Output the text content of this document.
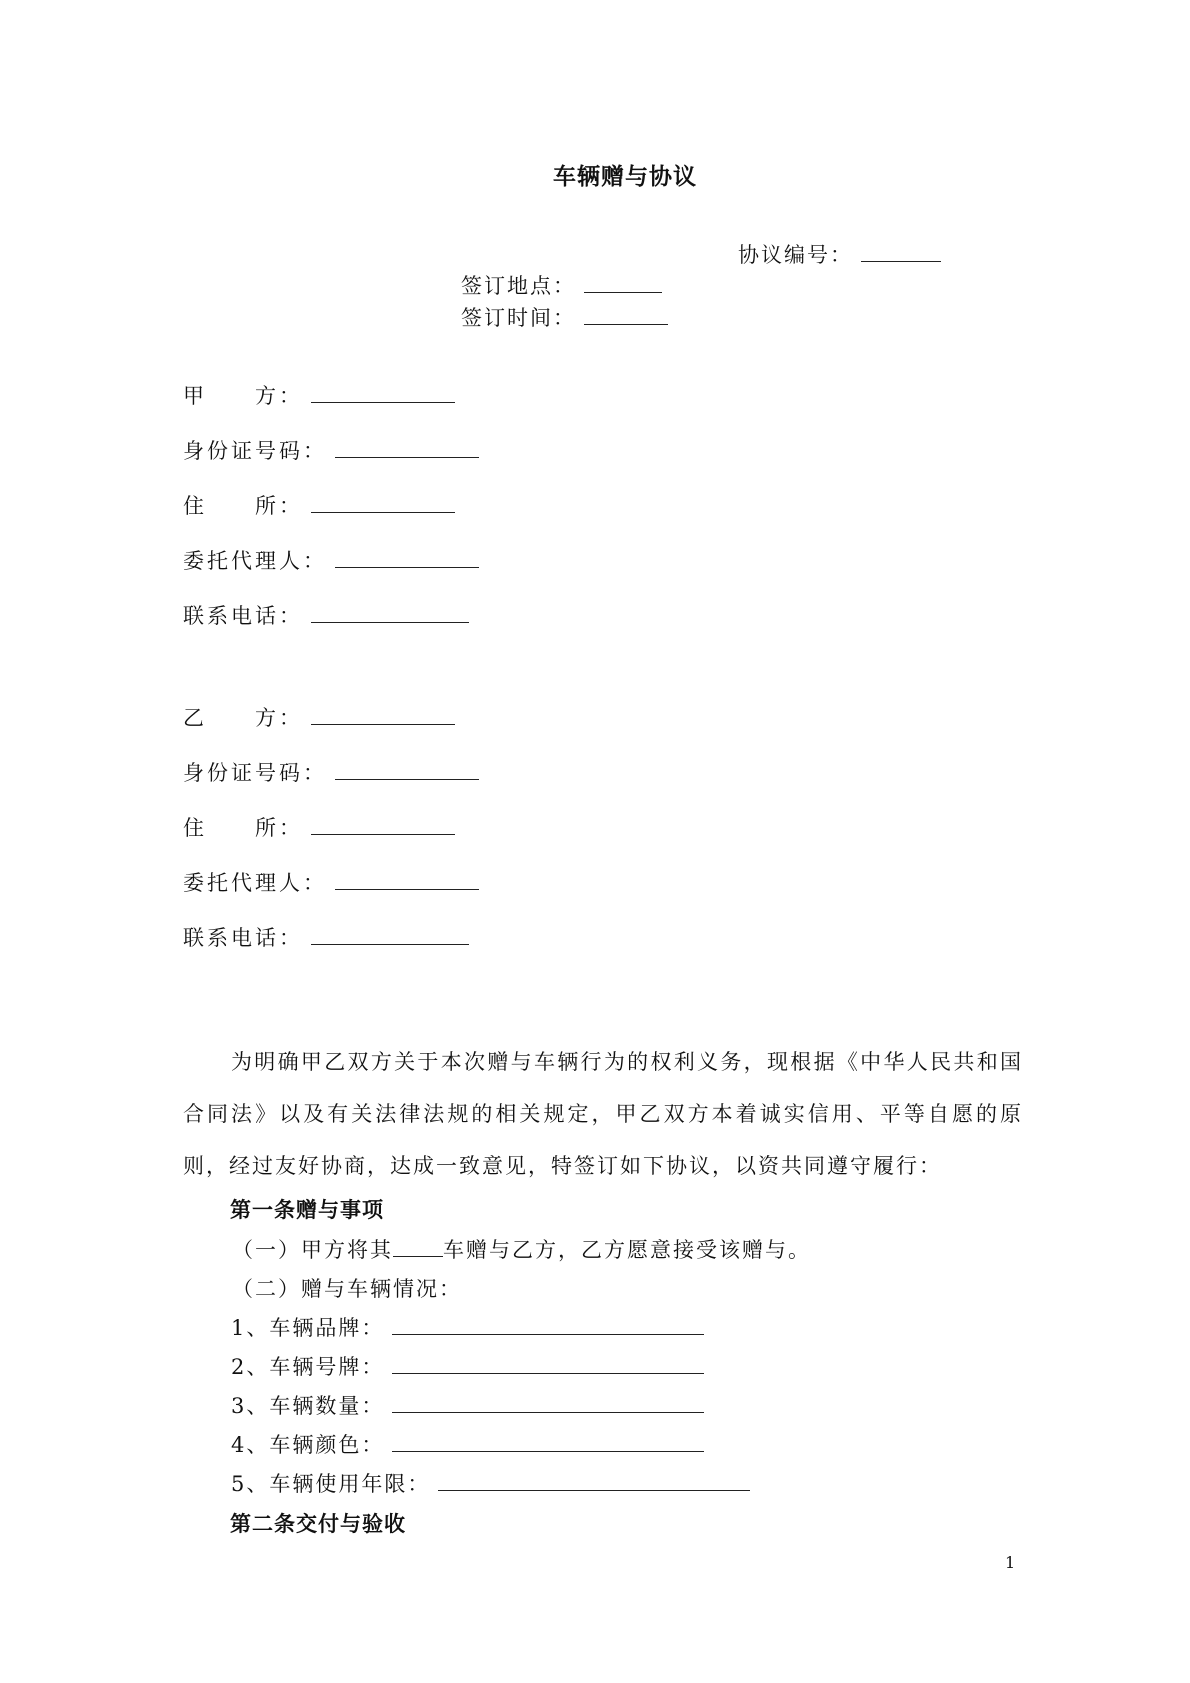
车辆赠与协议
协议编号：
签订地点：
签订时间：
甲　　方：
身份证号码：
住　　所：
委托代理人：
联系电话：
乙　　方：
身份证号码：
住　　所：
委托代理人：
联系电话：
为明确甲乙双方关于本次赠与车辆行为的权利义务，现根据《中华人民共和国合同法》以及有关法律法规的相关规定，甲乙双方本着诚实信用、平等自愿的原则，经过友好协商，达成一致意见，特签订如下协议，以资共同遵守履行：
第一条赠与事项
（一）甲方将其 车赠与乙方，乙方愿意接受该赠与。
（二）赠与车辆情况：
1、车辆品牌：
2、车辆号牌：
3、车辆数量：
4、车辆颜色：
5、车辆使用年限：
第二条交付与验收
1
